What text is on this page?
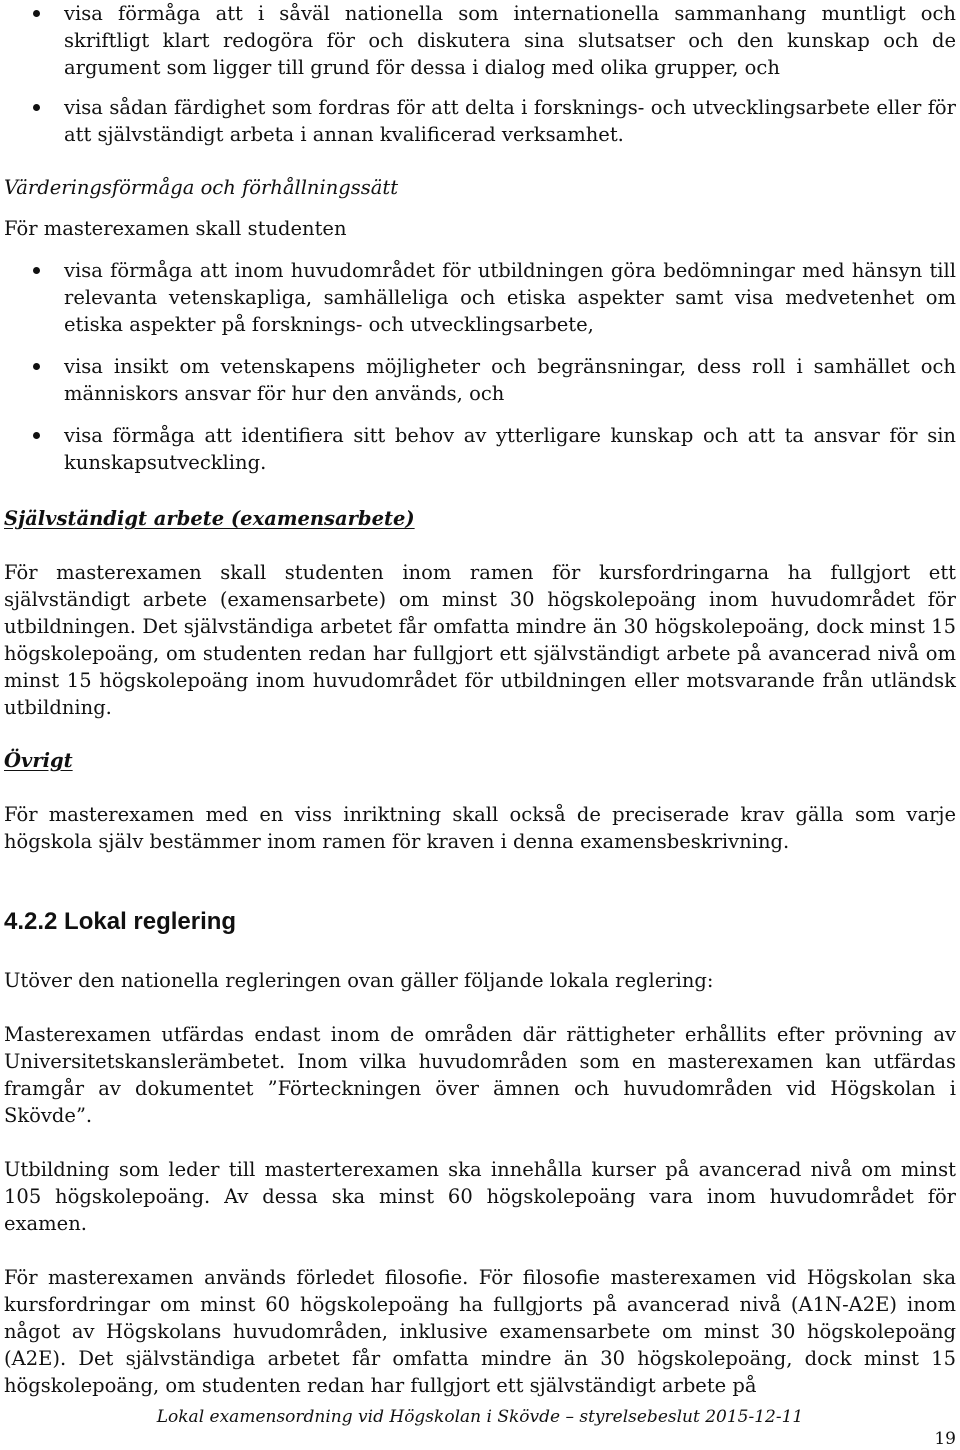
visa förmåga att i såväl nationella som internationella sammanhang muntligt och skriftligt klart redogöra för och diskutera sina slutsatser och den kunskap och de argument som ligger till grund för dessa i dialog med olika grupper, och
visa sådan färdighet som fordras för att delta i forsknings- och utvecklingsarbete eller för att självständigt arbeta i annan kvalificerad verksamhet.
Värderingsförmåga och förhållningssätt
För masterexamen skall studenten
visa förmåga att inom huvudområdet för utbildningen göra bedömningar med hänsyn till relevanta vetenskapliga, samhälleliga och etiska aspekter samt visa medvetenhet om etiska aspekter på forsknings- och utvecklingsarbete,
visa insikt om vetenskapens möjligheter och begränsningar, dess roll i samhället och människors ansvar för hur den används, och
visa förmåga att identifiera sitt behov av ytterligare kunskap och att ta ansvar för sin kunskapsutveckling.
Självständigt arbete (examensarbete)

För masterexamen skall studenten inom ramen för kursfordringarna ha fullgjort ett självständigt arbete (examensarbete) om minst 30 högskolepoäng inom huvudområdet för utbildningen. Det självständiga arbetet får omfatta mindre än 30 högskolepoäng, dock minst 15 högskolepoäng, om studenten redan har fullgjort ett självständigt arbete på avancerad nivå om minst 15 högskolepoäng inom huvudområdet för utbildningen eller motsvarande från utländsk utbildning.

Övrigt

För masterexamen med en viss inriktning skall också de preciserade krav gälla som varje högskola själv bestämmer inom ramen för kraven i denna examensbeskrivning.

4.2.2 Lokal reglering

Utöver den nationella regleringen ovan gäller följande lokala reglering:

Masterexamen utfärdas endast inom de områden där rättigheter erhållits efter prövning av Universitetskanslerämbetet. Inom vilka huvudområden som en masterexamen kan utfärdas framgår av dokumentet ”Förteckningen över ämnen och huvudområden vid Högskolan i Skövde”.

Utbildning som leder till masterterexamen ska innehålla kurser på avancerad nivå om minst 105 högskolepoäng. Av dessa ska minst 60 högskolepoäng vara inom huvudområdet för examen.

För masterexamen används förledet filosofie. För filosofie masterexamen vid Högskolan ska kursfordringar om minst 60 högskolepoäng ha fullgjorts på avancerad nivå (A1N-A2E) inom något av Högskolans huvudområden, inklusive examensarbete om minst 30 högskolepoäng (A2E). Det självständiga arbetet får omfatta mindre än 30 högskolepoäng, dock minst 15 högskolepoäng, om studenten redan har fullgjort ett självständigt arbete på

Lokal examensordning vid Högskolan i Skövde – styrelsebeslut 2015-12-11
19
